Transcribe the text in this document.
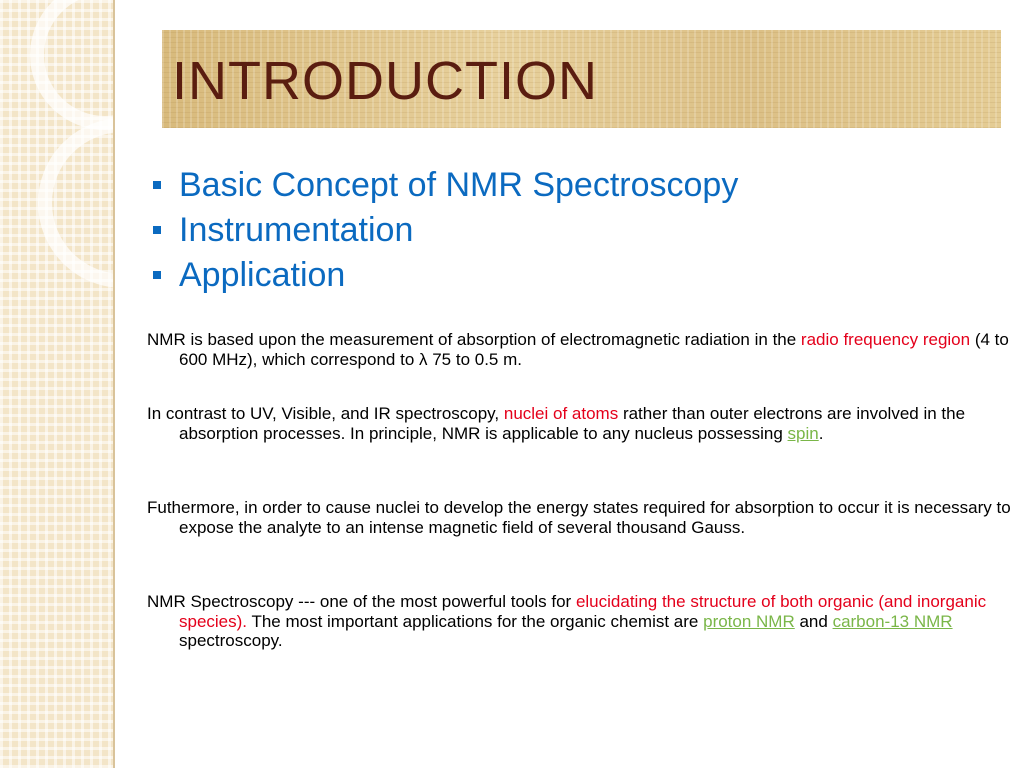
INTRODUCTION
Basic Concept of NMR Spectroscopy
Instrumentation
Application
NMR is based upon the measurement of absorption of electromagnetic radiation in the radio frequency region (4 to 600 MHz), which correspond to λ 75 to 0.5 m.
In contrast to UV, Visible, and IR spectroscopy, nuclei of atoms rather than outer electrons are involved in the absorption processes. In principle, NMR is applicable to any nucleus possessing spin.
Futhermore, in order to cause nuclei to develop the energy states required for absorption to occur it is necessary to expose the analyte to an intense magnetic field of several thousand Gauss.
NMR Spectroscopy --- one of the most powerful tools for elucidating the structure of both organic (and inorganic species). The most important applications for the organic chemist are proton NMR and carbon-13 NMR spectroscopy.
